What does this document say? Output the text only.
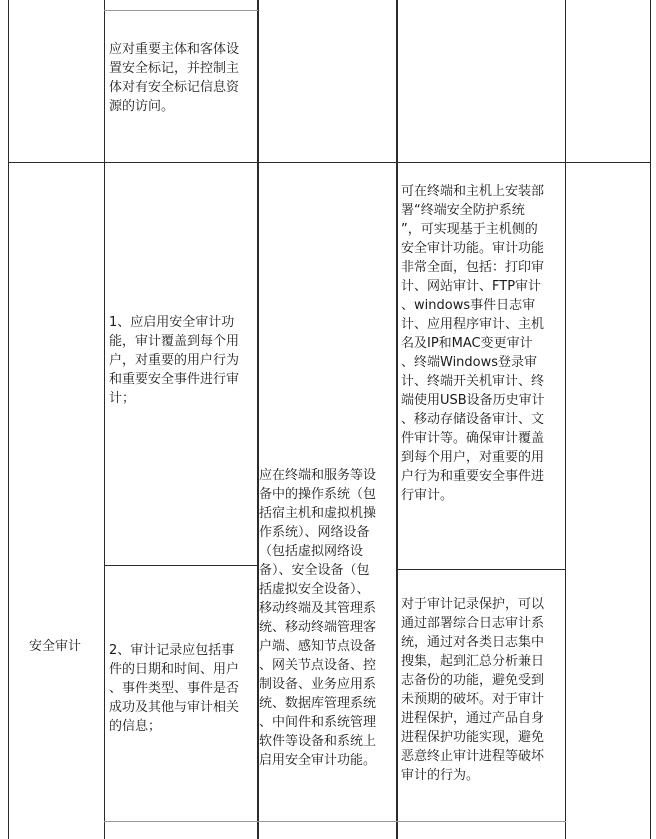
安全审计
应对重要主体和客体设
置安全标记，并控制主
体对有安全标记信息资
源的访问。
1、应启用安全审计功
能，审计覆盖到每个用
户，对重要的用户行为
和重要安全事件进行审
计；
2、审计记录应包括事
件的日期和时间、用户
、事件类型、事件是否
成功及其他与审计相关
的信息；
应在终端和服务等设
备中的操作系统（包
括宿主机和虚拟机操
作系统）、网络设备
（包括虚拟网络设
备）、安全设备（包
括虚拟安全设备）、
移动终端及其管理系
统、移动终端管理客
户端、感知节点设备
、网关节点设备、控
制设备、业务应用系
统、数据库管理系统
、中间件和系统管理
软件等设备和系统上
启用安全审计功能。
可在终端和主机上安装部
署“终端安全防护系统
”，可实现基于主机侧的
安全审计功能。审计功能
非常全面，包括：打印审
计、网站审计、FTP审计
、windows事件日志审
计、应用程序审计、主机
名及IP和MAC变更审计
、终端Windows登录审
计、终端开关机审计、终
端使用USB设备历史审计
、移动存储设备审计、文
件审计等。确保审计覆盖
到每个用户，对重要的用
户行为和重要安全事件进
行审计。
对于审计记录保护，可以
通过部署综合日志审计系
统，通过对各类日志集中
搜集，起到汇总分析兼日
志备份的功能，避免受到
未预期的破坏。对于审计
进程保护，通过产品自身
进程保护功能实现，避免
恶意终止审计进程等破坏
审计的行为。
